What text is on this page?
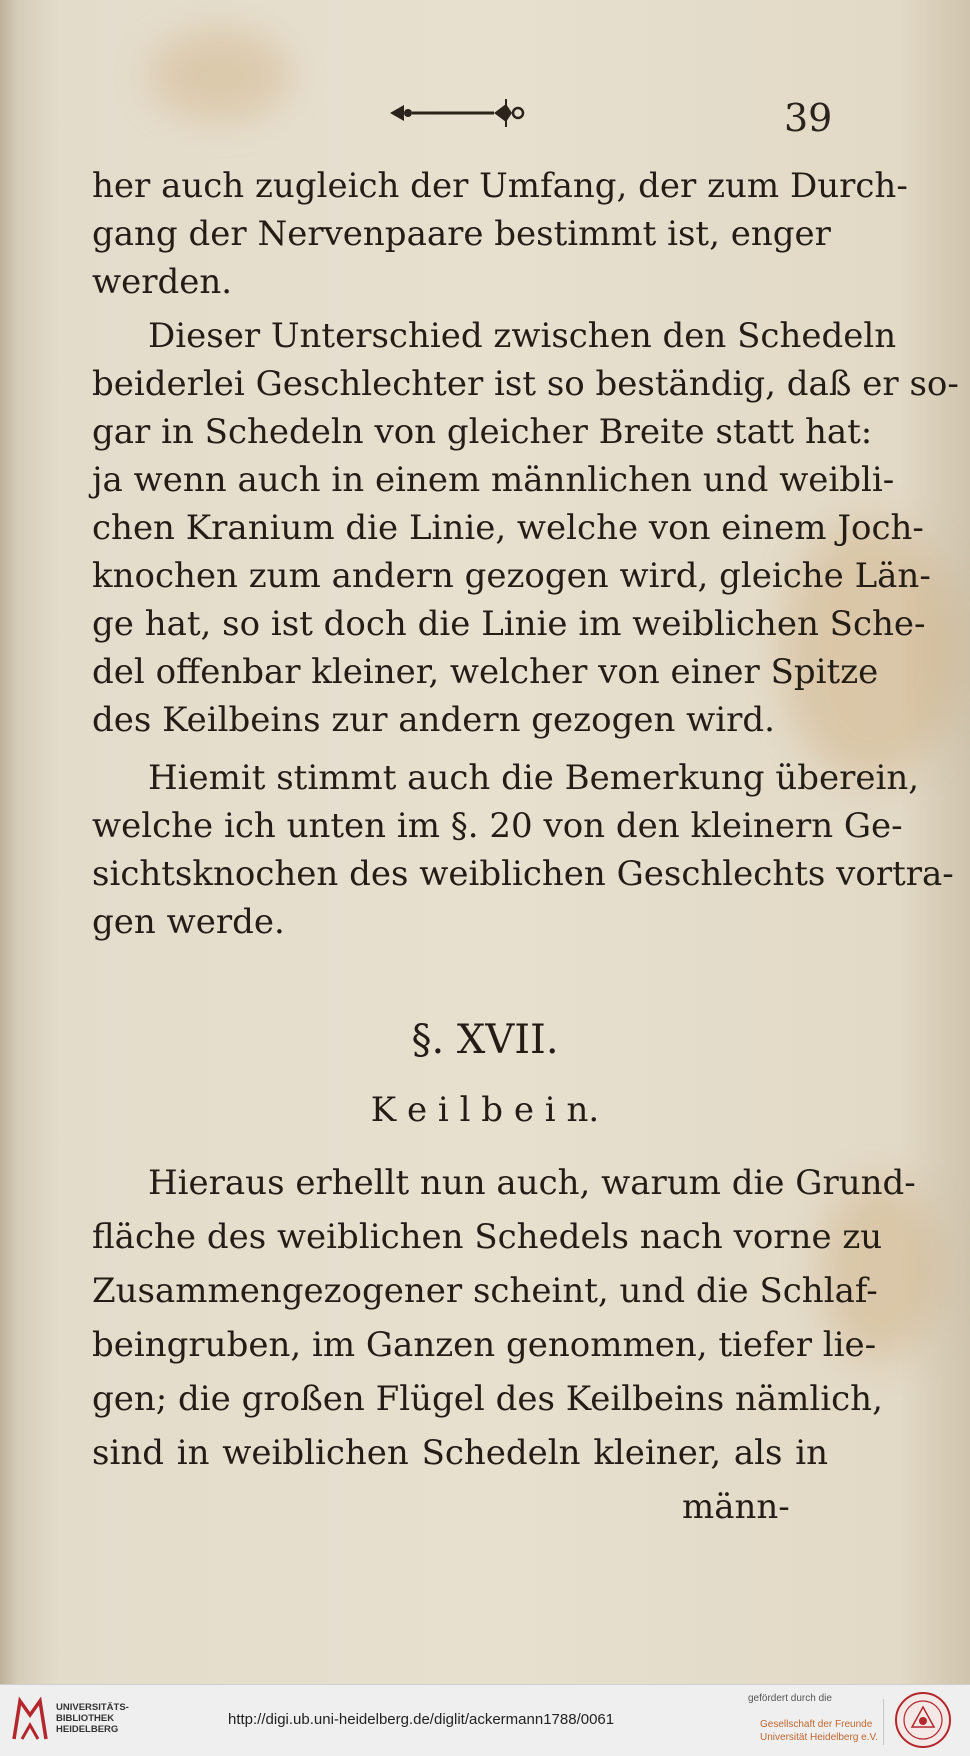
39
her auch zugleich der Umfang, der zum Durch-
gang der Nervenpaare bestimmt ist, enger
werden.
Dieser Unterschied zwischen den Schedeln
beiderlei Geschlechter ist so beständig, daß er so-
gar in Schedeln von gleicher Breite statt hat:
ja wenn auch in einem männlichen und weibli-
chen Kranium die Linie, welche von einem Joch-
knochen zum andern gezogen wird, gleiche Län-
ge hat, so ist doch die Linie im weiblichen Sche-
del offenbar kleiner, welcher von einer Spitze
des Keilbeins zur andern gezogen wird.
Hiemit stimmt auch die Bemerkung überein,
welche ich unten im §. 20 von den kleinern Ge-
sichtsknochen des weiblichen Geschlechts vortra-
gen werde.
§. XVII.
K e i l b e i n.
Hieraus erhellt nun auch, warum die Grund-
fläche des weiblichen Schedels nach vorne zu
Zusammengezogener scheint, und die Schlaf-
beingruben, im Ganzen genommen, tiefer lie-
gen; die großen Flügel des Keilbeins nämlich,
sind in weiblichen Schedeln kleiner, als in
männ-
UNIVERSITÄTS-
BIBLIOTHEK
HEIDELBERG
http://digi.ub.uni-heidelberg.de/diglit/ackermann1788/0061
gefördert durch die
Gesellschaft der Freunde
Universität Heidelberg e.V.
